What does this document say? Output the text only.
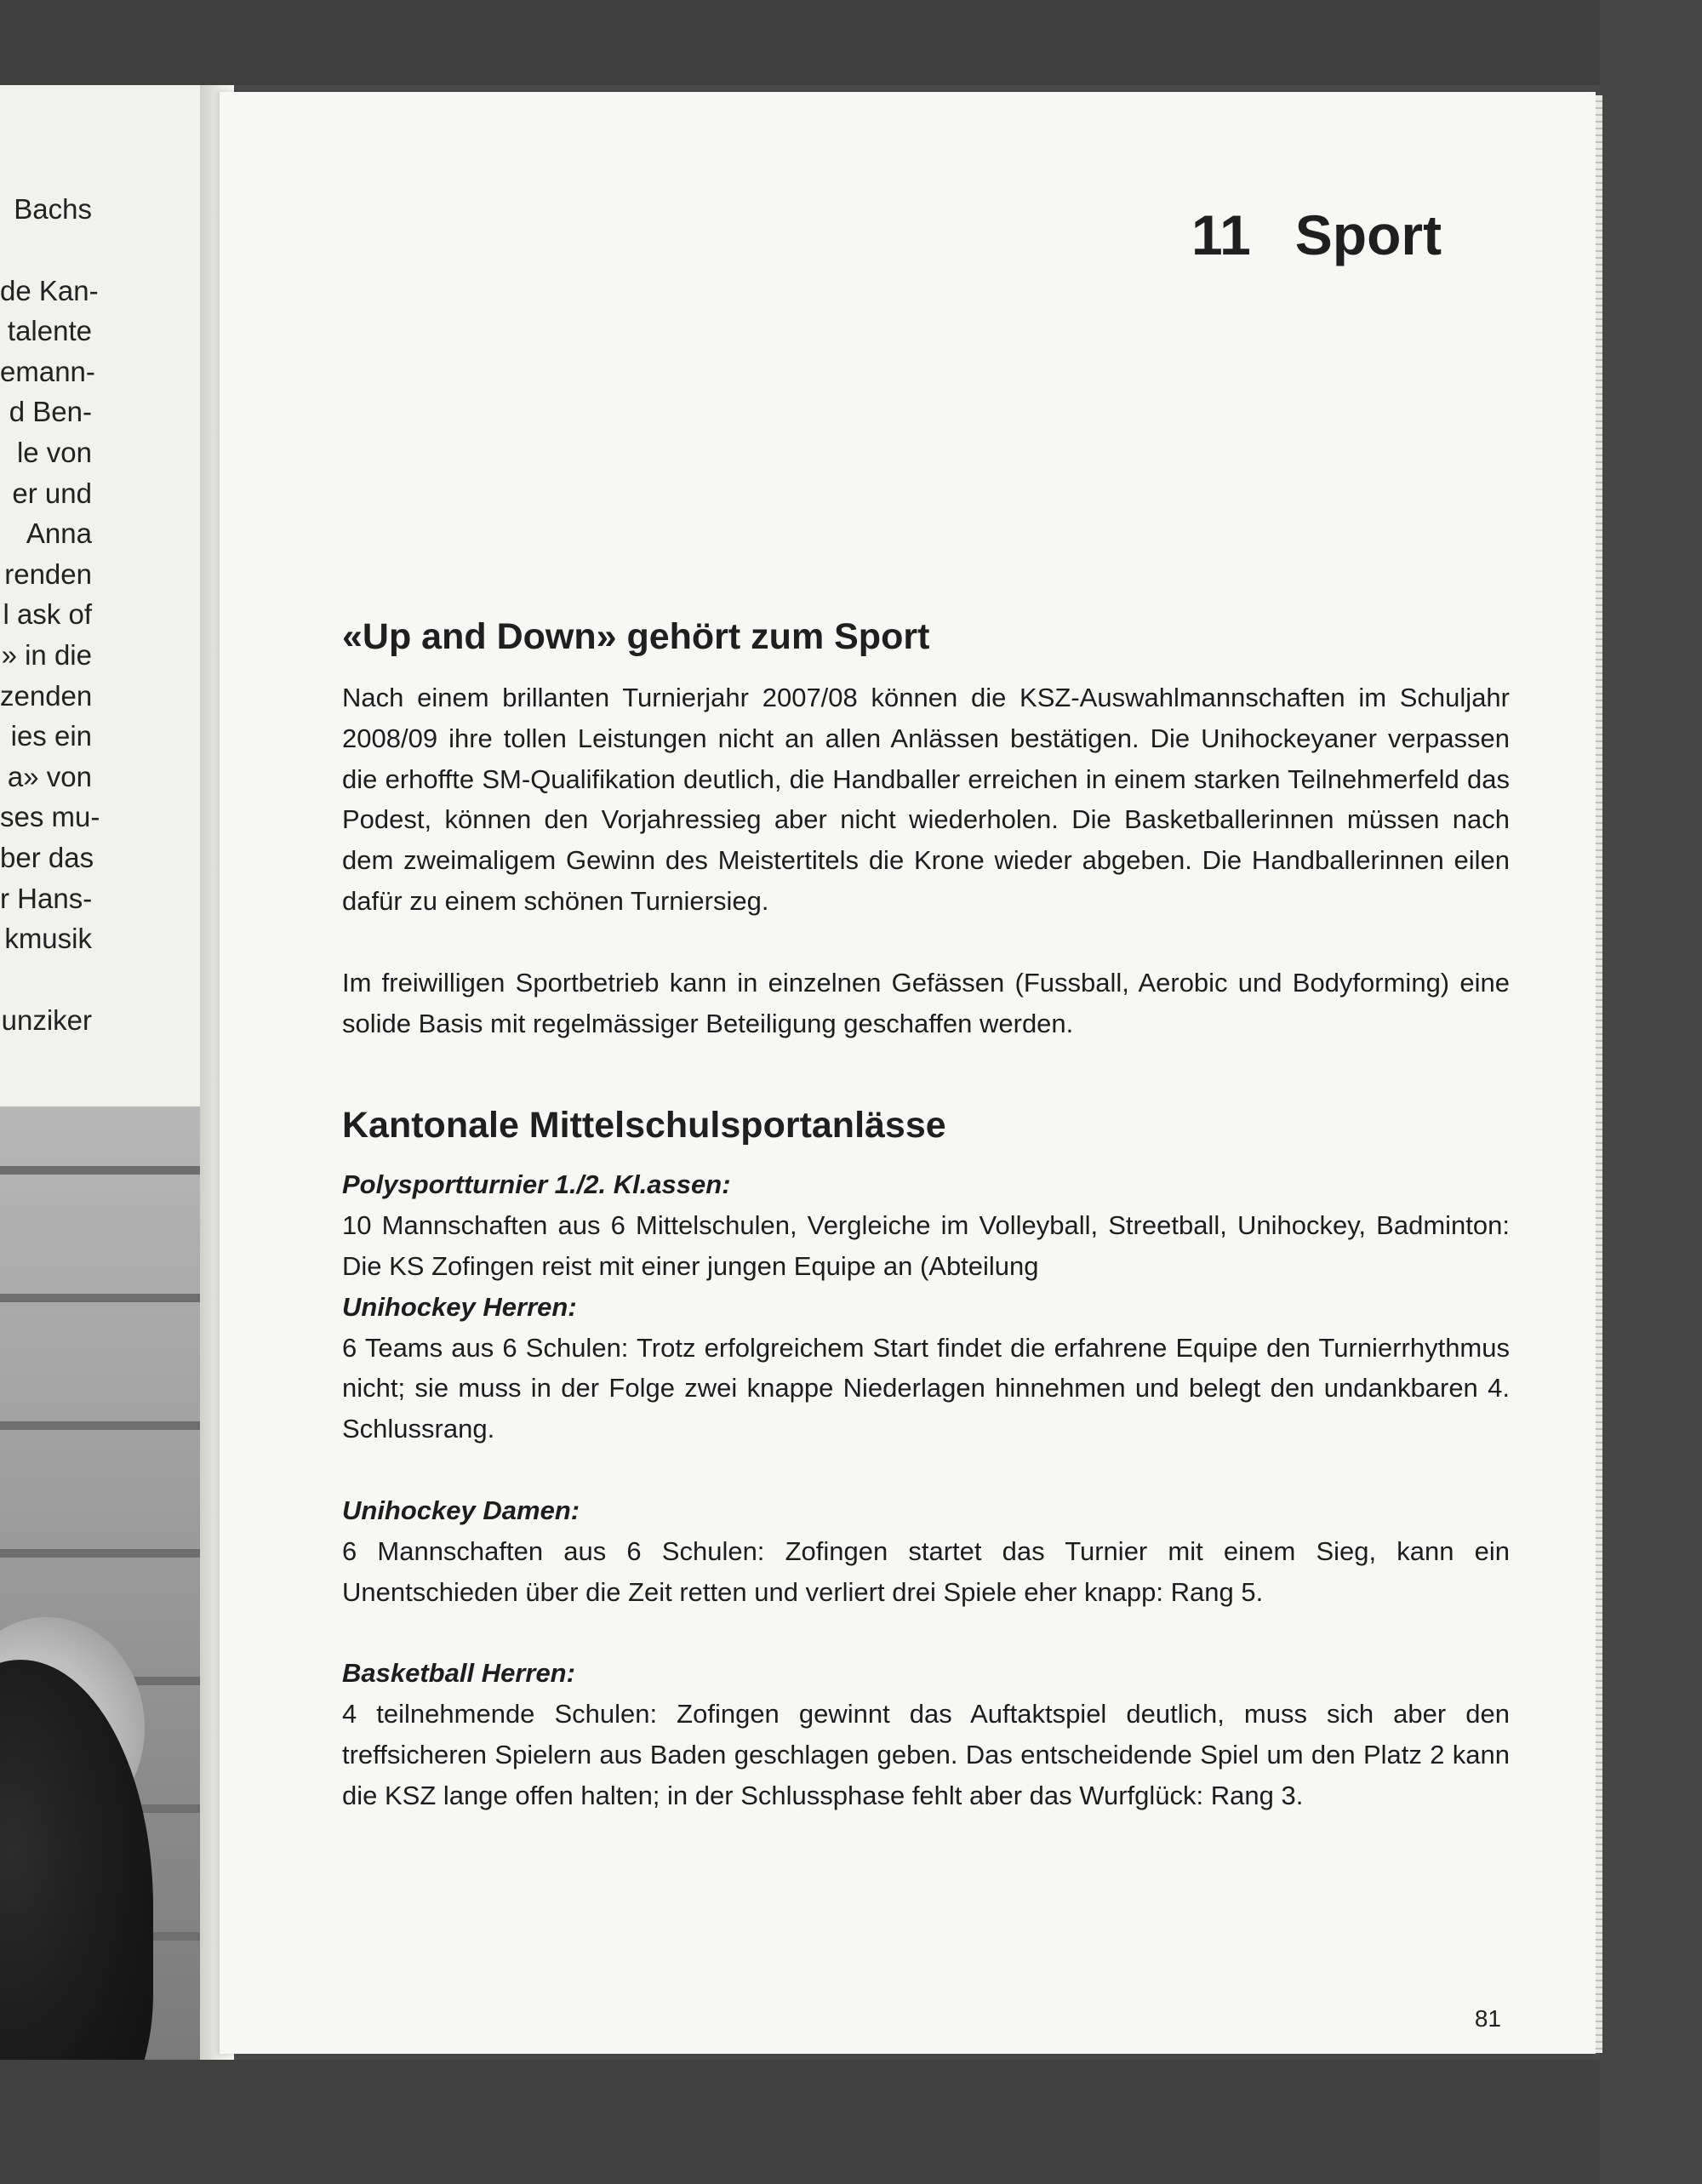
Bachs
de Kan-
talente
emann-
d Ben-
le von
er und
Anna
renden
l ask of
» in die
zenden
ies ein
a» von
ses mu-
ber das
r Hans-
kmusik
unziker
11 Sport
«Up and Down» gehört zum Sport

Nach einem brillanten Turnierjahr 2007/08 können die KSZ-Auswahlmannschaften im Schuljahr 2008/09 ihre tollen Leistungen nicht an allen Anlässen bestätigen. Die Unihockeyaner verpassen die erhoffte SM-Qualifikation deutlich, die Handballer erreichen in einem starken Teilnehmerfeld das Podest, können den Vorjahressieg aber nicht wiederholen. Die Basketballerinnen müssen nach dem zweimaligem Gewinn des Meistertitels die Krone wieder abgeben. Die Handballerinnen eilen dafür zu einem schönen Turniersieg.

Im freiwilligen Sportbetrieb kann in einzelnen Gefässen (Fussball, Aerobic und Bodyforming) eine solide Basis mit regelmässiger Beteiligung geschaffen werden.

Kantonale Mittelschulsportanlässe
Polysportturnier 1./2. Kl.assen:

10 Mannschaften aus 6 Mittelschulen, Vergleiche im Volleyball, Streetball, Unihockey, Badminton: Die KS Zofingen reist mit einer jungen Equipe an (Abteilung

Unihockey Herren:

6 Teams aus 6 Schulen: Trotz erfolgreichem Start findet die erfahrene Equipe den Turnierrhythmus nicht; sie muss in der Folge zwei knappe Niederlagen hinnehmen und belegt den undankbaren 4. Schlussrang.

Unihockey Damen:

6 Mannschaften aus 6 Schulen: Zofingen startet das Turnier mit einem Sieg, kann ein Unentschieden über die Zeit retten und verliert drei Spiele eher knapp: Rang 5.

Basketball Herren:

4 teilnehmende Schulen: Zofingen gewinnt das Auftaktspiel deutlich, muss sich aber den treffsicheren Spielern aus Baden geschlagen geben. Das entscheidende Spiel um den Platz 2 kann die KSZ lange offen halten; in der Schlussphase fehlt aber das Wurfglück: Rang 3.

81
